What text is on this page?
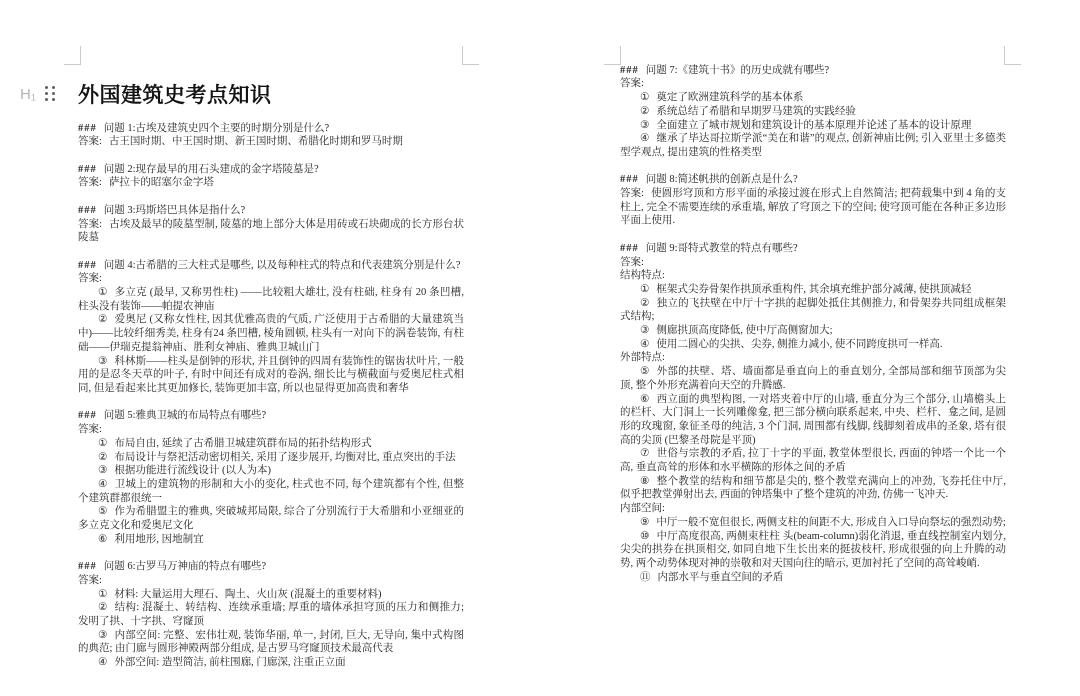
H₁ 外国建筑史考点知识

### 问题 1:古埃及建筑史四个主要的时期分别是什么?

答案: 古王国时期、中王国时期、新王国时期、希腊化时期和罗马时期

### 问题 2:现存最早的用石头建成的金字塔陵墓是?

答案: 萨拉卡的昭塞尔金字塔

### 问题 3:玛斯塔巴具体是指什么?

答案: 古埃及最早的陵墓型制, 陵墓的地上部分大体是用砖或石块砌成的长方形台状陵墓

### 问题 4:古希腊的三大柱式是哪些, 以及每种柱式的特点和代表建筑分别是什么?

答案:

① 多立克 (最早, 又称男性柱) ——比较粗大雄壮, 没有柱础, 柱身有 20 条凹槽, 柱头没有装饰——帕提农神庙

② 爱奥尼 (又称女性柱, 因其优雅高贵的气质, 广泛使用于古希腊的大量建筑当中)——比较纤细秀美, 柱身有24 条凹槽, 棱角圆顿, 柱头有一对向下的涡卷装饰, 有柱础——伊瑞克提翁神庙、胜利女神庙、雅典卫城山门

③ 科林斯——柱头是倒钟的形状, 并且倒钟的四周有装饰性的锯齿状叶片, 一般用的是忍冬天草的叶子, 有时中间还有成对的卷涡, 细长比与横截面与爱奥尼柱式相同, 但是看起来比其更加修长, 装饰更加丰富, 所以也显得更加高贵和奢华

### 问题 5:雅典卫城的布局特点有哪些?

答案:

① 布局自由, 延续了古希腊卫城建筑群布局的拓扑结构形式

② 布局设计与祭祀活动密切相关, 采用了逐步展开, 均衡对比, 重点突出的手法

③ 根据功能进行流线设计 (以人为本)

④ 卫城上的建筑物的形制和大小的变化, 柱式也不同, 每个建筑都有个性, 但整个建筑群都很统一

⑤ 作为希腊盟主的雅典, 突破城邦局限, 综合了分别流行于大希腊和小亚细亚的多立克文化和爱奥尼文化

⑥ 利用地形, 因地制宜

### 问题 6:古罗马万神庙的特点有哪些?

答案:

① 材料: 大量运用大理石、陶土、火山灰 (混凝土的重要材料)

② 结构: 混凝土、转结构、连续承重墙; 厚重的墙体承担穹顶的压力和侧推力; 发明了拱、十字拱、穹窿顶

③ 内部空间: 完整、宏伟壮观, 装饰华丽, 单一, 封闭, 巨大, 无导向, 集中式构图的典范; 由门廊与圆形神殿两部分组成, 是古罗马穹窿顶技术最高代表

④ 外部空间: 造型简洁, 前柱围廊, 门廊深, 注重正立面

### 问题 7:《建筑十书》的历史成就有哪些?

答案:

① 奠定了欧洲建筑科学的基本体系

② 系统总结了希腊和早期罗马建筑的实践经验

③ 全面建立了城市规划和建筑设计的基本原理并论述了基本的设计原理

④ 继承了毕达哥拉斯学派“美在和谐”的观点, 创新神庙比例; 引入亚里士多德类型学观点, 提出建筑的性格类型

### 问题 8:简述帆拱的创新点是什么?

答案: 使圆形穹顶和方形平面的承接过渡在形式上自然简洁; 把荷载集中到 4 角的支柱上, 完全不需要连续的承重墙, 解放了穹顶之下的空间; 使穹顶可能在各种正多边形平面上使用.

### 问题 9:哥特式教堂的特点有哪些?

答案:

结构特点:

① 框架式尖券骨架作拱顶承重构件, 其余填充维护部分减薄, 使拱顶减轻

② 独立的飞扶壁在中厅十字拱的起脚处抵住其侧推力, 和骨架券共同组成框架式结构;

③ 侧廊拱顶高度降低, 使中厅高侧窗加大;

④ 使用二圆心的尖拱、尖券, 侧推力减小, 使不同跨度拱可一样高.

外部特点:

⑤ 外部的扶壁、塔、墙面都是垂直向上的垂直划分, 全部局部和细节顶部为尖顶, 整个外形充满着向天空的升腾感.

⑥ 西立面的典型构图, 一对塔夹着中厅的山墙, 垂直分为三个部分, 山墙檐头上的栏杆、大门洞上一长列雕像龛, 把三部分横向联系起来, 中央、栏杆、龛之间, 是圆形的玫瑰窗, 象征圣母的纯洁, 3 个门洞, 周围都有线脚, 线脚刻着成串的圣象, 塔有很高的尖顶 (巴黎圣母院是平顶)

⑦ 世俗与宗教的矛盾, 拉丁十字的平面, 教堂体型很长, 西面的钟塔一个比一个高, 垂直高耸的形体和水平横陈的形体之间的矛盾

⑧ 整个教堂的结构和细节都是尖的, 整个教堂充满向上的冲劲, 飞券托住中厅, 似乎把教堂弹射出去, 西面的钟塔集中了整个建筑的冲劲, 仿佛一飞冲天.

内部空间:

⑨ 中厅一般不宽但很长, 两侧支柱的间距不大, 形成自入口导向祭坛的强烈动势;

⑩ 中厅高度很高, 两侧束柱柱 头(beam-column)弱化消退, 垂直线控制室内划分, 尖尖的拱券在拱顶相交, 如同自地下生长出来的挺拔枝杆, 形成很强的向上升腾的动势, 两个动势体现对神的崇敬和对天国向往的暗示, 更加衬托了空间的高耸峻峭.

⑪ 内部水平与垂直空间的矛盾
